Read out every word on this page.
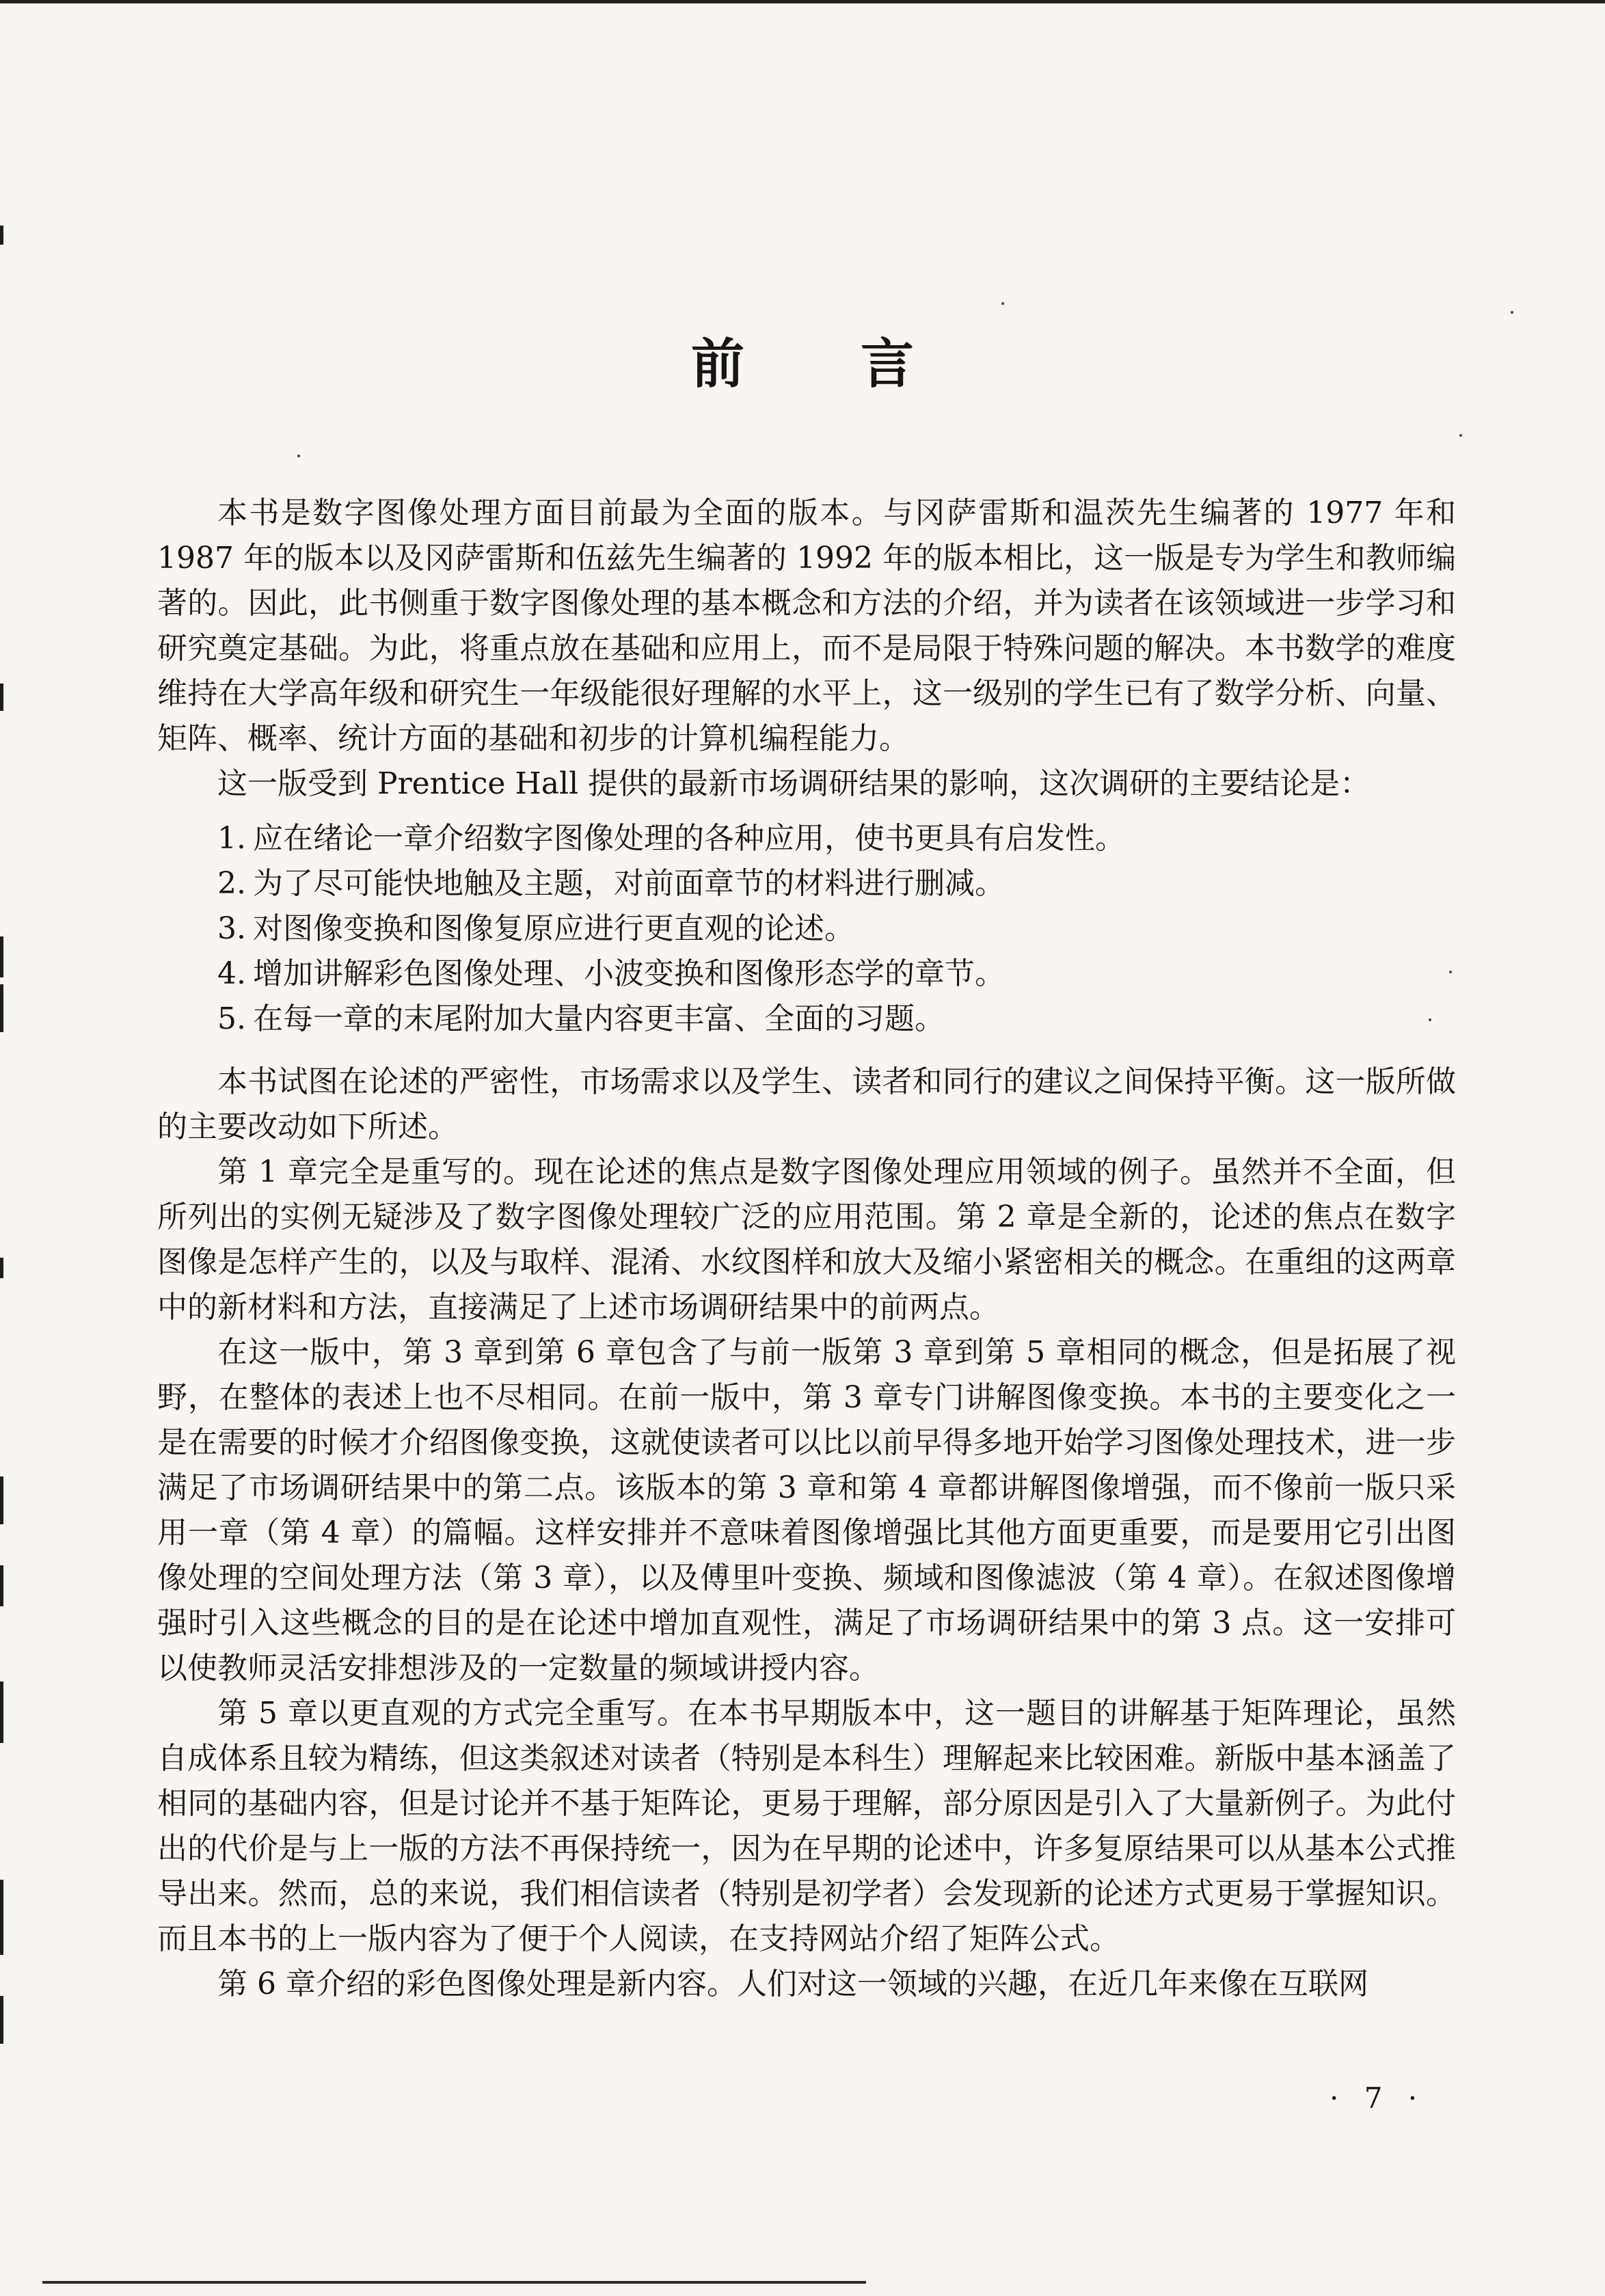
前言

本书是数字图像处理方面目前最为全面的版本。与冈萨雷斯和温茨先生编著的 1977 年和 1987 年的版本以及冈萨雷斯和伍兹先生编著的 1992 年的版本相比，这一版是专为学生和教师编著的。因此，此书侧重于数字图像处理的基本概念和方法的介绍，并为读者在该领域进一步学习和研究奠定基础。为此，将重点放在基础和应用上，而不是局限于特殊问题的解决。本书数学的难度维持在大学高年级和研究生一年级能很好理解的水平上，这一级别的学生已有了数学分析、向量、矩阵、概率、统计方面的基础和初步的计算机编程能力。

这一版受到 Prentice Hall 提供的最新市场调研结果的影响，这次调研的主要结论是：

1. 应在绪论一章介绍数字图像处理的各种应用，使书更具有启发性。
2. 为了尽可能快地触及主题，对前面章节的材料进行删减。
3. 对图像变换和图像复原应进行更直观的论述。
4. 增加讲解彩色图像处理、小波变换和图像形态学的章节。
5. 在每一章的末尾附加大量内容更丰富、全面的习题。

本书试图在论述的严密性，市场需求以及学生、读者和同行的建议之间保持平衡。这一版所做的主要改动如下所述。

第 1 章完全是重写的。现在论述的焦点是数字图像处理应用领域的例子。虽然并不全面，但所列出的实例无疑涉及了数字图像处理较广泛的应用范围。第 2 章是全新的，论述的焦点在数字图像是怎样产生的，以及与取样、混淆、水纹图样和放大及缩小紧密相关的概念。在重组的这两章中的新材料和方法，直接满足了上述市场调研结果中的前两点。

在这一版中，第 3 章到第 6 章包含了与前一版第 3 章到第 5 章相同的概念，但是拓展了视野，在整体的表述上也不尽相同。在前一版中，第 3 章专门讲解图像变换。本书的主要变化之一是在需要的时候才介绍图像变换，这就使读者可以比以前早得多地开始学习图像处理技术，进一步满足了市场调研结果中的第二点。该版本的第 3 章和第 4 章都讲解图像增强，而不像前一版只采用一章（第 4 章）的篇幅。这样安排并不意味着图像增强比其他方面更重要，而是要用它引出图像处理的空间处理方法（第 3 章），以及傅里叶变换、频域和图像滤波（第 4 章）。在叙述图像增强时引入这些概念的目的是在论述中增加直观性，满足了市场调研结果中的第 3 点。这一安排可以使教师灵活安排想涉及的一定数量的频域讲授内容。

第 5 章以更直观的方式完全重写。在本书早期版本中，这一题目的讲解基于矩阵理论，虽然自成体系且较为精练，但这类叙述对读者（特别是本科生）理解起来比较困难。新版中基本涵盖了相同的基础内容，但是讨论并不基于矩阵论，更易于理解，部分原因是引入了大量新例子。为此付出的代价是与上一版的方法不再保持统一，因为在早期的论述中，许多复原结果可以从基本公式推导出来。然而，总的来说，我们相信读者（特别是初学者）会发现新的论述方式更易于掌握知识。而且本书的上一版内容为了便于个人阅读，在支持网站介绍了矩阵公式。

第 6 章介绍的彩色图像处理是新内容。人们对这一领域的兴趣，在近几年来像在互联网

· 7 ·
